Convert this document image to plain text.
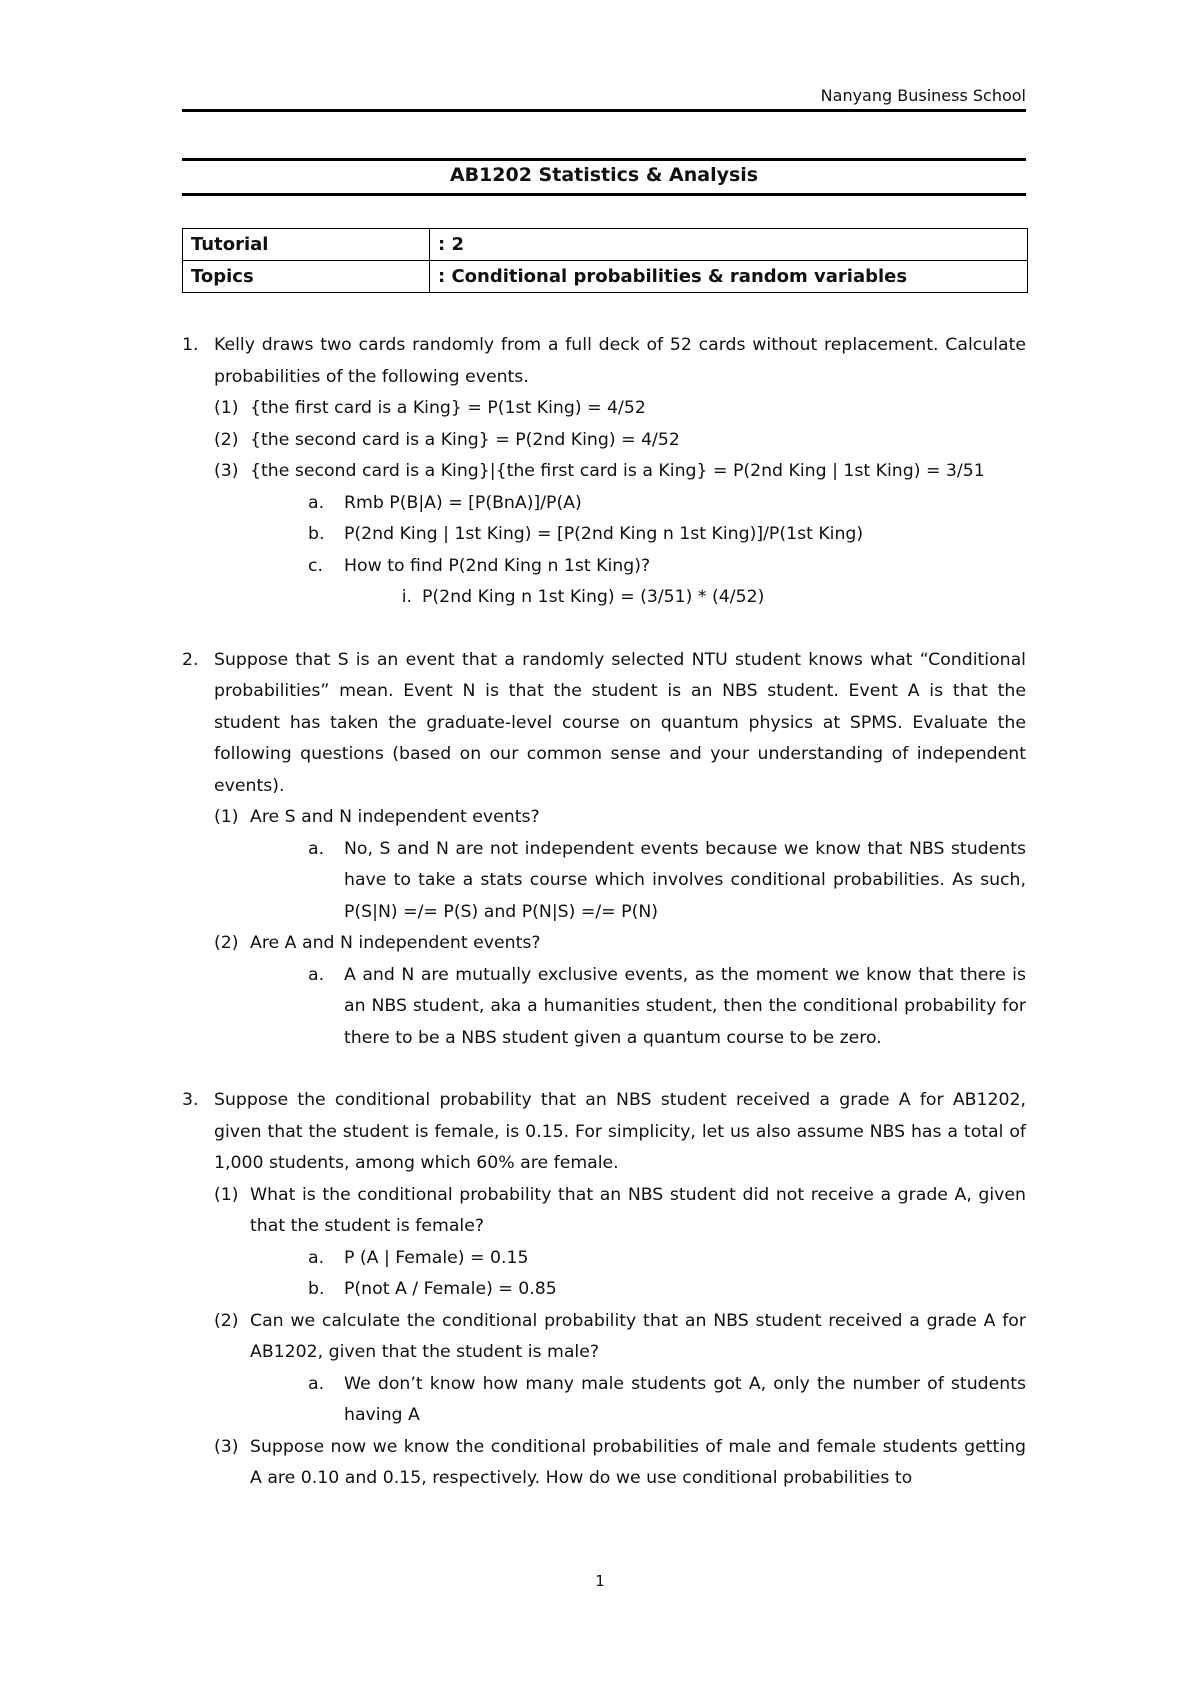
Nanyang Business School
AB1202 Statistics & Analysis
Tutorial	: 2
Topics	: Conditional probabilities & random variables
1. Kelly draws two cards randomly from a full deck of 52 cards without replacement. Calculate probabilities of the following events.
(1) {the first card is a King} = P(1st King) = 4/52
(2) {the second card is a King} = P(2nd King) = 4/52
(3) {the second card is a King}|{the first card is a King} = P(2nd King | 1st King) = 3/51
a.	Rmb P(B|A) = [P(BnA)]/P(A)
b.	P(2nd King | 1st King) = [P(2nd King n 1st King)]/P(1st King)
c.	How to find P(2nd King n 1st King)?
i. P(2nd King n 1st King) = (3/51) * (4/52)
2. Suppose that S is an event that a randomly selected NTU student knows what “Conditional probabilities” mean. Event N is that the student is an NBS student. Event A is that the student has taken the graduate-level course on quantum physics at SPMS. Evaluate the following questions (based on our common sense and your understanding of independent events).
(1) Are S and N independent events?
a.	No, S and N are not independent events because we know that NBS students have to take a stats course which involves conditional probabilities. As such, P(S|N) =/= P(S) and P(N|S) =/= P(N)
(2) Are A and N independent events?
a.	A and N are mutually exclusive events, as the moment we know that there is an NBS student, aka a humanities student, then the conditional probability for there to be a NBS student given a quantum course to be zero.
3. Suppose the conditional probability that an NBS student received a grade A for AB1202, given that the student is female, is 0.15. For simplicity, let us also assume NBS has a total of 1,000 students, among which 60% are female.
(1) What is the conditional probability that an NBS student did not receive a grade A, given that the student is female?
a.	P (A | Female) = 0.15
b.	P(not A / Female) = 0.85
(2) Can we calculate the conditional probability that an NBS student received a grade A for AB1202, given that the student is male?
a.	We don’t know how many male students got A, only the number of students having A
(3) Suppose now we know the conditional probabilities of male and female students getting A are 0.10 and 0.15, respectively. How do we use conditional probabilities to
1
